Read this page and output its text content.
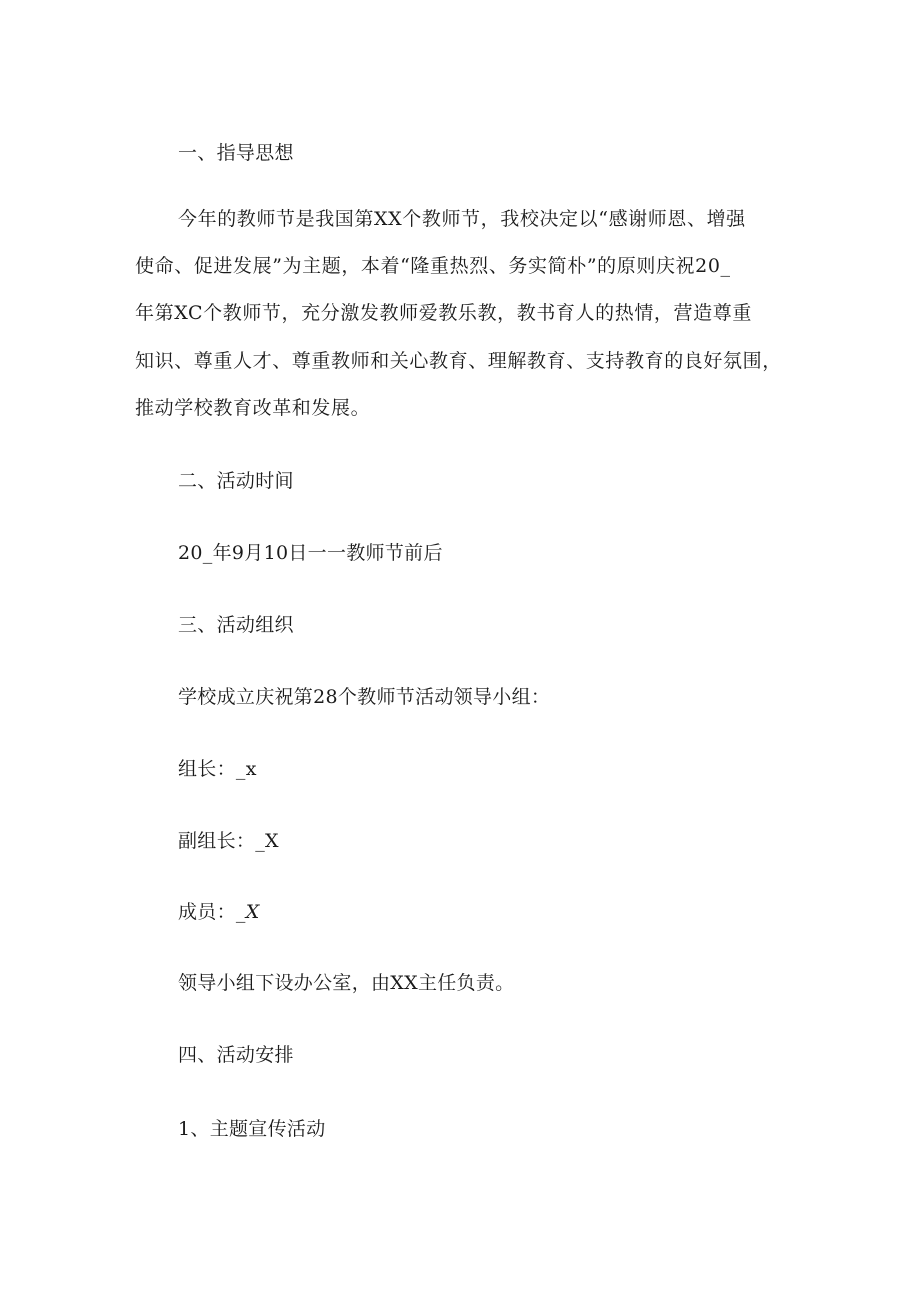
一、指导思想
今年的教师节是我国第XX个教师节，我校决定以“感谢师恩、增强
使命、促进发展”为主题，本着“隆重热烈、务实简朴”的原则庆祝20_
年第XC个教师节，充分激发教师爱教乐教，教书育人的热情，营造尊重
知识、尊重人才、尊重教师和关心教育、理解教育、支持教育的良好氛围，
推动学校教育改革和发展。
二、活动时间
20_年9月10日一一教师节前后
三、活动组织
学校成立庆祝第28个教师节活动领导小组：
组长：_x
副组长：_X
成员：_X
领导小组下设办公室，由XX主任负责。
四、活动安排
1、主题宣传活动
